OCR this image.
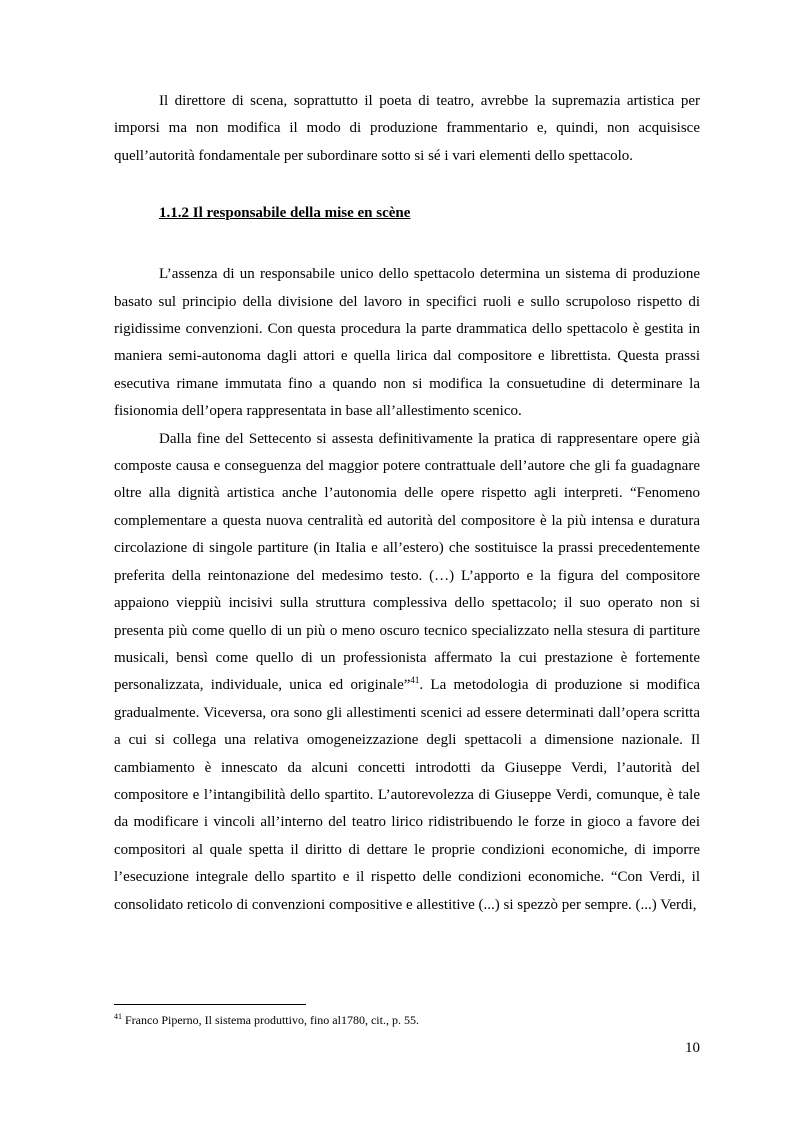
Il direttore di scena, soprattutto il poeta di teatro, avrebbe la supremazia artistica per imporsi ma non modifica il modo di produzione frammentario e, quindi, non acquisisce quell’autorità fondamentale per subordinare sotto si sé i vari elementi dello spettacolo.

1.1.2 Il responsabile della mise en scène

L’assenza di un responsabile unico dello spettacolo determina un sistema di produzione basato sul principio della divisione del lavoro in specifici ruoli e sullo scrupoloso rispetto di rigidissime convenzioni. Con questa procedura la parte drammatica dello spettacolo è gestita in maniera semi-autonoma dagli attori e quella lirica dal compositore e librettista. Questa prassi esecutiva rimane immutata fino a quando non si modifica la consuetudine di determinare la fisionomia dell’opera rappresentata in base all’allestimento scenico.

Dalla fine del Settecento si assesta definitivamente la pratica di rappresentare opere già composte causa e conseguenza del maggior potere contrattuale dell’autore che gli fa guadagnare oltre alla dignità artistica anche l’autonomia delle opere rispetto agli interpreti. “Fenomeno complementare a questa nuova centralità ed autorità del compositore è la più intensa e duratura circolazione di singole partiture (in Italia e all’estero) che sostituisce la prassi precedentemente preferita della reintonazione del medesimo testo. (…) L’apporto e la figura del compositore appaiono vieppiù incisivi sulla struttura complessiva dello spettacolo; il suo operato non si presenta più come quello di un più o meno oscuro tecnico specializzato nella stesura di partiture musicali, bensì come quello di un professionista affermato la cui prestazione è fortemente personalizzata, individuale, unica ed originale”$^{41}$. La metodologia di produzione si modifica gradualmente. Viceversa, ora sono gli allestimenti scenici ad essere determinati dall’opera scritta a cui si collega una relativa omogeneizzazione degli spettacoli a dimensione nazionale. Il cambiamento è innescato da alcuni concetti introdotti da Giuseppe Verdi, l’autorità del compositore e l’intangibilità dello spartito. L’autorevolezza di Giuseppe Verdi, comunque, è tale da modificare i vincoli all’interno del teatro lirico ridistribuendo le forze in gioco a favore dei compositori al quale spetta il diritto di dettare le proprie condizioni economiche, di imporre l’esecuzione integrale dello spartito e il rispetto delle condizioni economiche. “Con Verdi, il consolidato reticolo di convenzioni compositive e allestitive (...) si spezzò per sempre. (...) Verdi,

$^{41}$ Franco Piperno, Il sistema produttivo, fino al1780, cit., p. 55.
10
